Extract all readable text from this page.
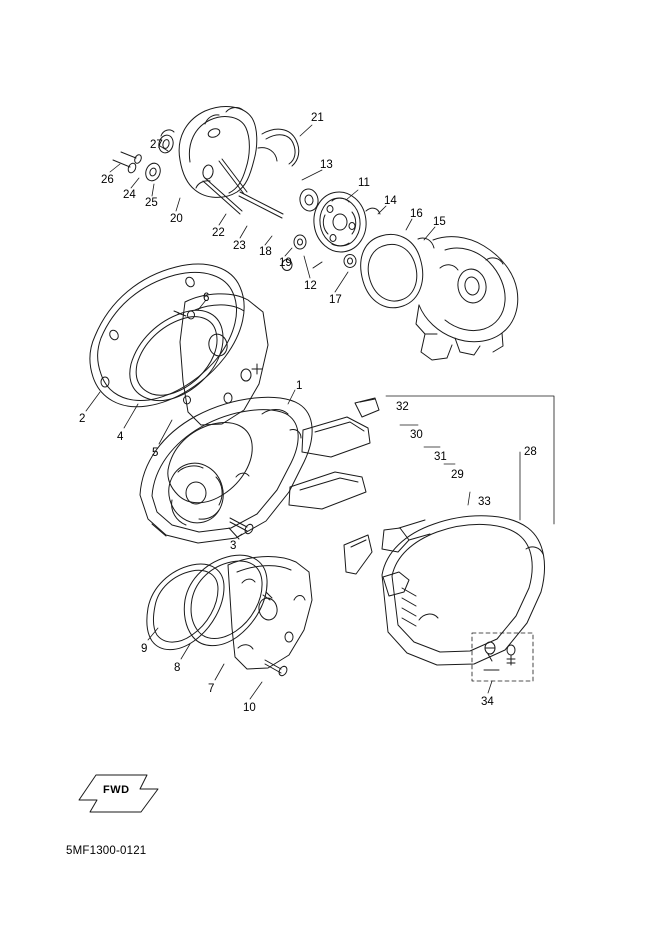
21
27
13
26	11
24
25	14
20	16
15
22
23 18
19
12
17
6
2
4
5
1
32
30
31
29
28
33
3
9
8
7
10	34
FWD
5MF1300-0121
